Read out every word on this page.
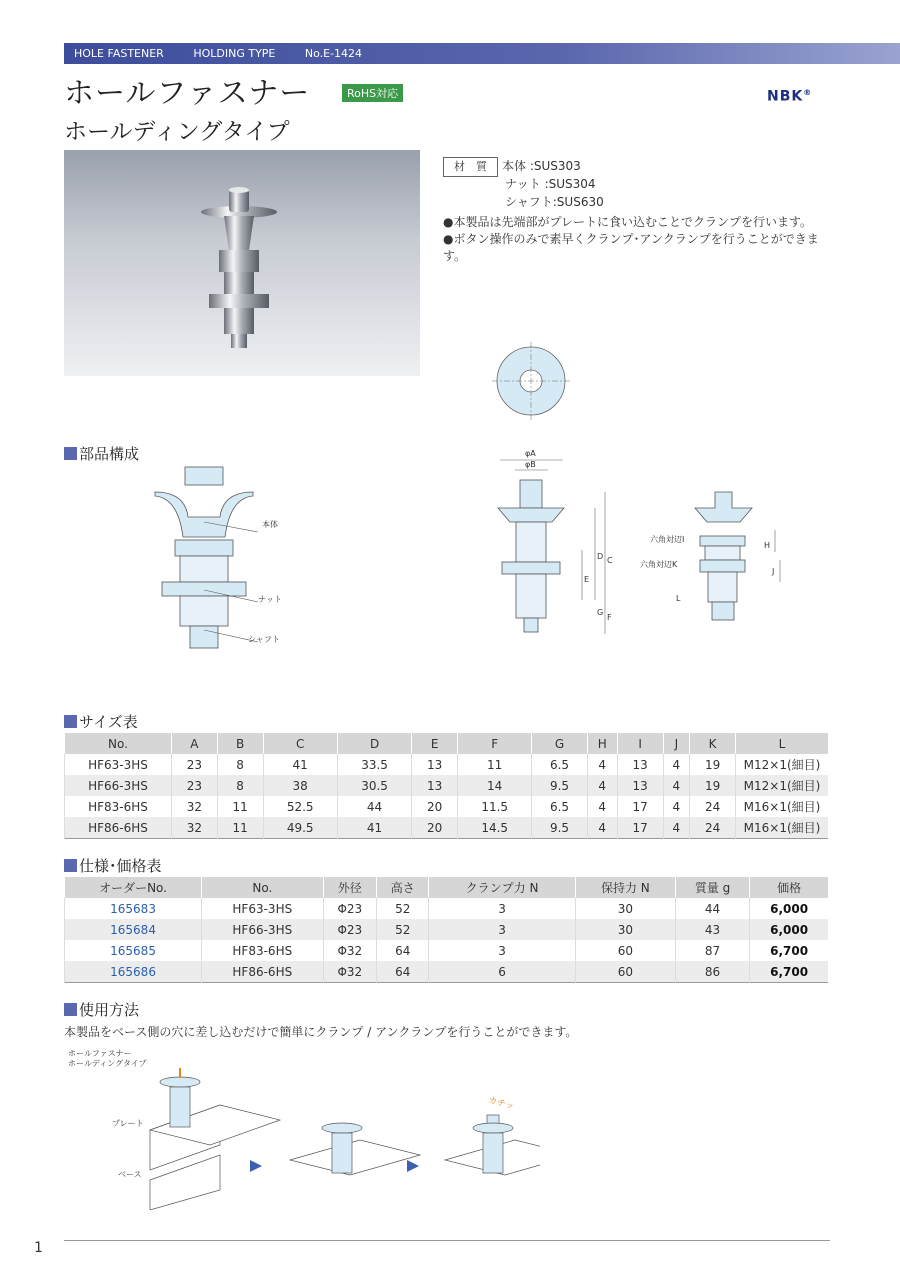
HOLE FASTENER	HOLDING TYPE	No.E-1424
ホールファスナー	RoHS対応	NBK®
ホールディングタイプ
材　質 本体 :SUS303
ナット :SUS304
シャフト:SUS630
●本製品は先端部がプレートに食い込むことでクランプを行います。
●ボタン操作のみで素早くクランプ･アンクランプを行うことができます。
部品構成
本体
ナット
シャフト
φA
φB
C
D
E
F
G
H
J
L
六角対辺I
六角対辺K
サイズ表
No.	A	B	C	D	E	F	G	H	I	J	K	L
HF63-3HS	23	8	41	33.5	13	11	6.5	4	13	4	19	M12×1(細目)
HF66-3HS	23	8	38	30.5	13	14	9.5	4	13	4	19	M12×1(細目)
HF83-6HS	32	11	52.5	44	20	11.5	6.5	4	17	4	24	M16×1(細目)
HF86-6HS	32	11	49.5	41	20	14.5	9.5	4	17	4	24	M16×1(細目)
仕様･価格表
オーダーNo.	No.	外径	高さ	クランプ力 N	保持力 N	質量 g	価格
165683	HF63-3HS	Φ23	52	3	30	44	6,000
165684	HF66-3HS	Φ23	52	3	30	43	6,000
165685	HF83-6HS	Φ32	64	3	60	87	6,700
165686	HF86-6HS	Φ32	64	6	60	86	6,700
使用方法
本製品をベース側の穴に差し込むだけで簡単にクランプ / アンクランプを行うことができます。
ホールファスナー
ホールディングタイプ
プレート
ベース
カチッ
1
